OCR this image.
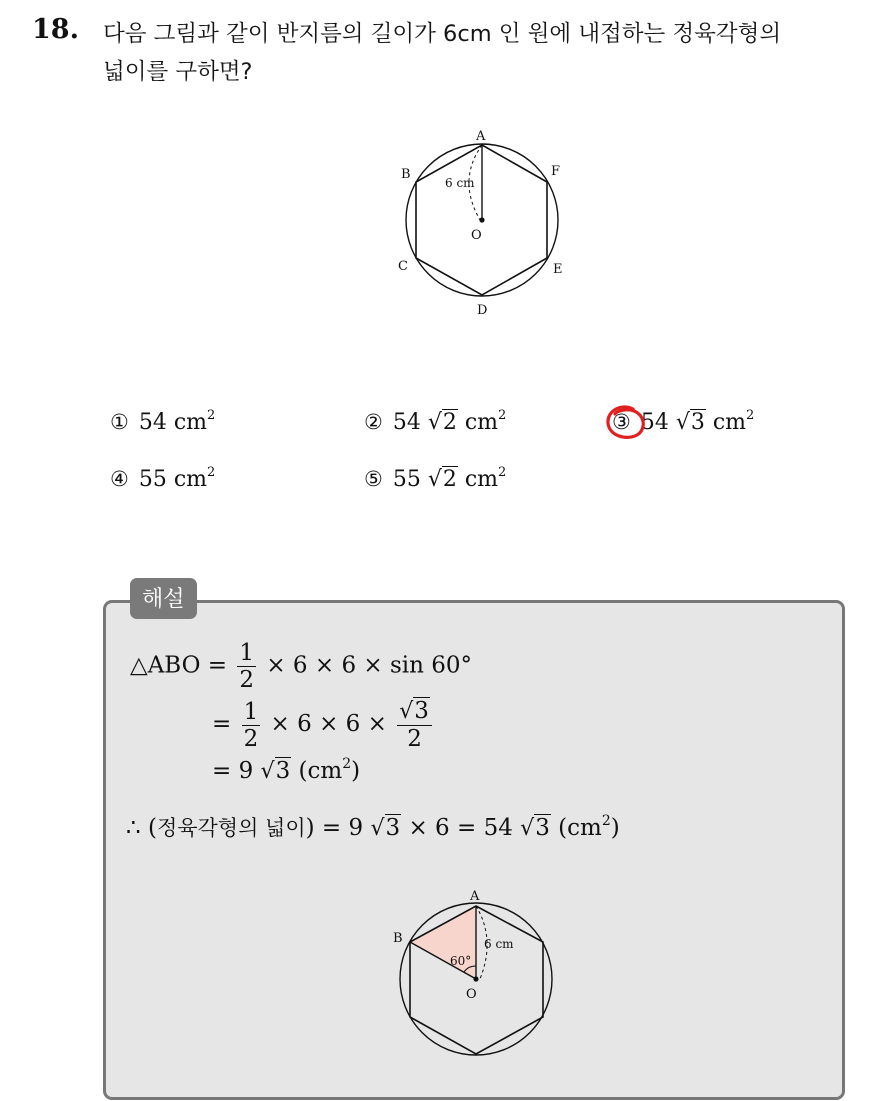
18. 다음 그림과 같이 반지름의 길이가 6cm 인 원에 내접하는 정육각형의
넓이를 구하면?
A
B
C
D
E
F
O
6 cm
① 54 $cm^2$	② 54 √2 $cm^2$	③ 54 √3 $cm^2$
④ 55 $cm^2$	⑤ 55 √2 $cm^2$
해설
△ABO = $\frac{1}{2} \times 6 \times 6 \times \sin 60^\circ$
= $\frac{1}{2} \times 6 \times 6 \times \frac{√3}{2}$
= 9 √3 $(cm^2)$
∴ (정육각형의 넓이) = 9 √3 × 6 = 54 √3 $(cm^2)$
A
B
O
6 cm
60°
